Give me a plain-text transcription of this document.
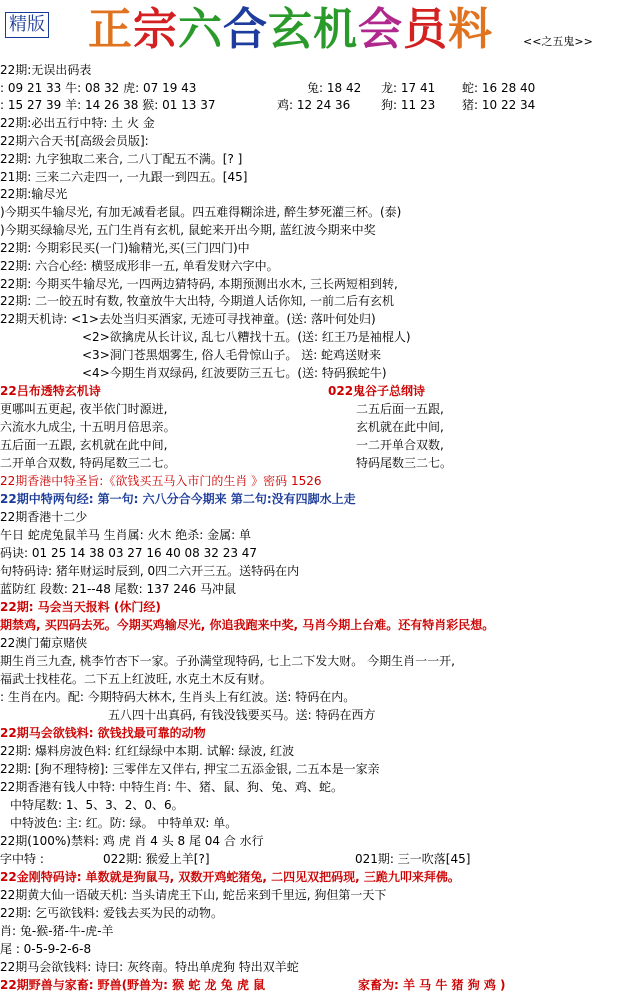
精版 正宗六合玄机会员料	<<之五鬼>>
22期:无误出码表
: 09 21 33 牛: 08 32 虎: 07 19 43	兔: 18 42 龙: 17 41 蛇: 16 28 40
: 15 27 39 羊: 14 26 38 猴: 01 13 37	鸡: 12 24 36	狗: 11 23 猪: 10 22 34
22期:必出五行中特: 土 火 金
22期六合天书[高级会员版]:
22期: 九字独取二来合, 二八丁配五不满。[? ]
21期: 三来二六走四一, 一九跟一到四五。[45]
22期:输尽光
)今期买牛输尽光, 有加无减看老鼠。四五难得糊涂进, 醉生梦死灌三杯。(泰)
)今期买绿输尽光, 五门生肖有玄机, 鼠蛇来开出今期, 蓝红波今期来中奖
22期: 今期彩民买(一门)输精光,买(三门四门)中
22期: 六合心经: 横竖成形非一五, 单看发财六字中。
22期: 今期买牛输尽光, 一四两边猜特码, 本期预测出水木, 三长两短相到转,
22期: 二一皎五时有数, 牧童放牛大出特, 今期道人话你知, 一前二后有玄机
22期天机诗: <1>去处当归买酒家, 无迹可寻找神童。(送: 落叶何处归)
<2>欲擒虎从长计议, 乱七八糟找十五。(送: 红王乃是袖棍人)
<3>洞门苍黑烟雾生, 俗人毛骨惊山子。 送: 蛇鸡送财来
<4>今期生肖双绿码, 红波要防三五七。(送: 特码猴蛇牛)
22吕布透特玄机诗	022鬼谷子总纲诗
更哪叫五更起, 夜半依门时源迸,	二五后面一五跟,
六流水九成尘, 十五明月倍思亲。	玄机就在此中间,
五后面一五跟, 玄机就在此中间,	一二开单合双数,
二开单合双数, 特码尾数三二七。	特码尾数三二七。
22期香港中特圣旨:《欲钱买五马入市门的生肖 》密码 1526
22期中特两句经: 第一句: 六八分合今期来 第二句:没有四脚水上走
22期香港十二少
午日 蛇虎兔鼠羊马 生肖属: 火木 绝杀: 金属: 单
码诀: 01 25 14 38 03 27 16 40 08 32 23 47
句特码诗: 猪年财运时辰到, 0四二六开三五。送特码在内
蓝防红 段数: 21--48 尾数: 137 246 马冲鼠
22期: 马会当天报料 (休门经)
期禁鸡, 买四码去死。今期买鸡输尽光, 你追我跑来中奖, 马肖今期上台难。还有特肖彩民想。
22澳门葡京赌侠
期生肖三九查, 桃李竹杏下一家。子孙满堂现特码, 七上二下发大财。 今期生肖一一开,
福武士找桂花。二下五上红波旺, 水克土木反有财。
: 生肖在内。配: 今期特码大林木, 生肖头上有红波。送: 特码在内。
五八四十出真码, 有钱没钱要买马。送: 特码在西方
22期马会欲钱料: 欲钱找最可靠的动物
22期: 爆料房波色料: 红红绿绿中本期. 试解: 绿波, 红波
22期: [狗不理特榜]: 三零伴左又伴右, 押宝二五添金银, 二五本是一家亲
22期香港有钱人中特: 中特生肖: 牛、猪、鼠、狗、兔、鸡、蛇。
中特尾数: 1、5、3、2、0、6。
中特波色: 主: 红。防: 绿。 中特单双: 单。
22期(100%)禁料: 鸡 虎 肖 4 头 8 尾 04 合 水行
字中特 :	022期: 猴爱上羊[?]	021期: 三一吹落[45]
22金刚特码诗: 单数就是狗鼠马, 双数开鸡蛇猪兔, 二四见双把码现, 三跪九叩来拜佛。
22期黄大仙一语破天机: 当头请虎王下山, 蛇岳来到千里远, 狗但第一天下
22期: 乞丐欲钱料: 爱钱去买为民的动物。
肖: 兔-猴-猪-牛-虎-羊
尾 : 0-5-9-2-6-8
22期马会欲钱料: 诗曰: 灰终南。特出单虎狗 特出双羊蛇
22期野兽与家畜: 野兽(野兽为: 猴 蛇 龙 兔 虎 鼠	家畜为: 羊 马 牛 猪 狗 鸡 )
